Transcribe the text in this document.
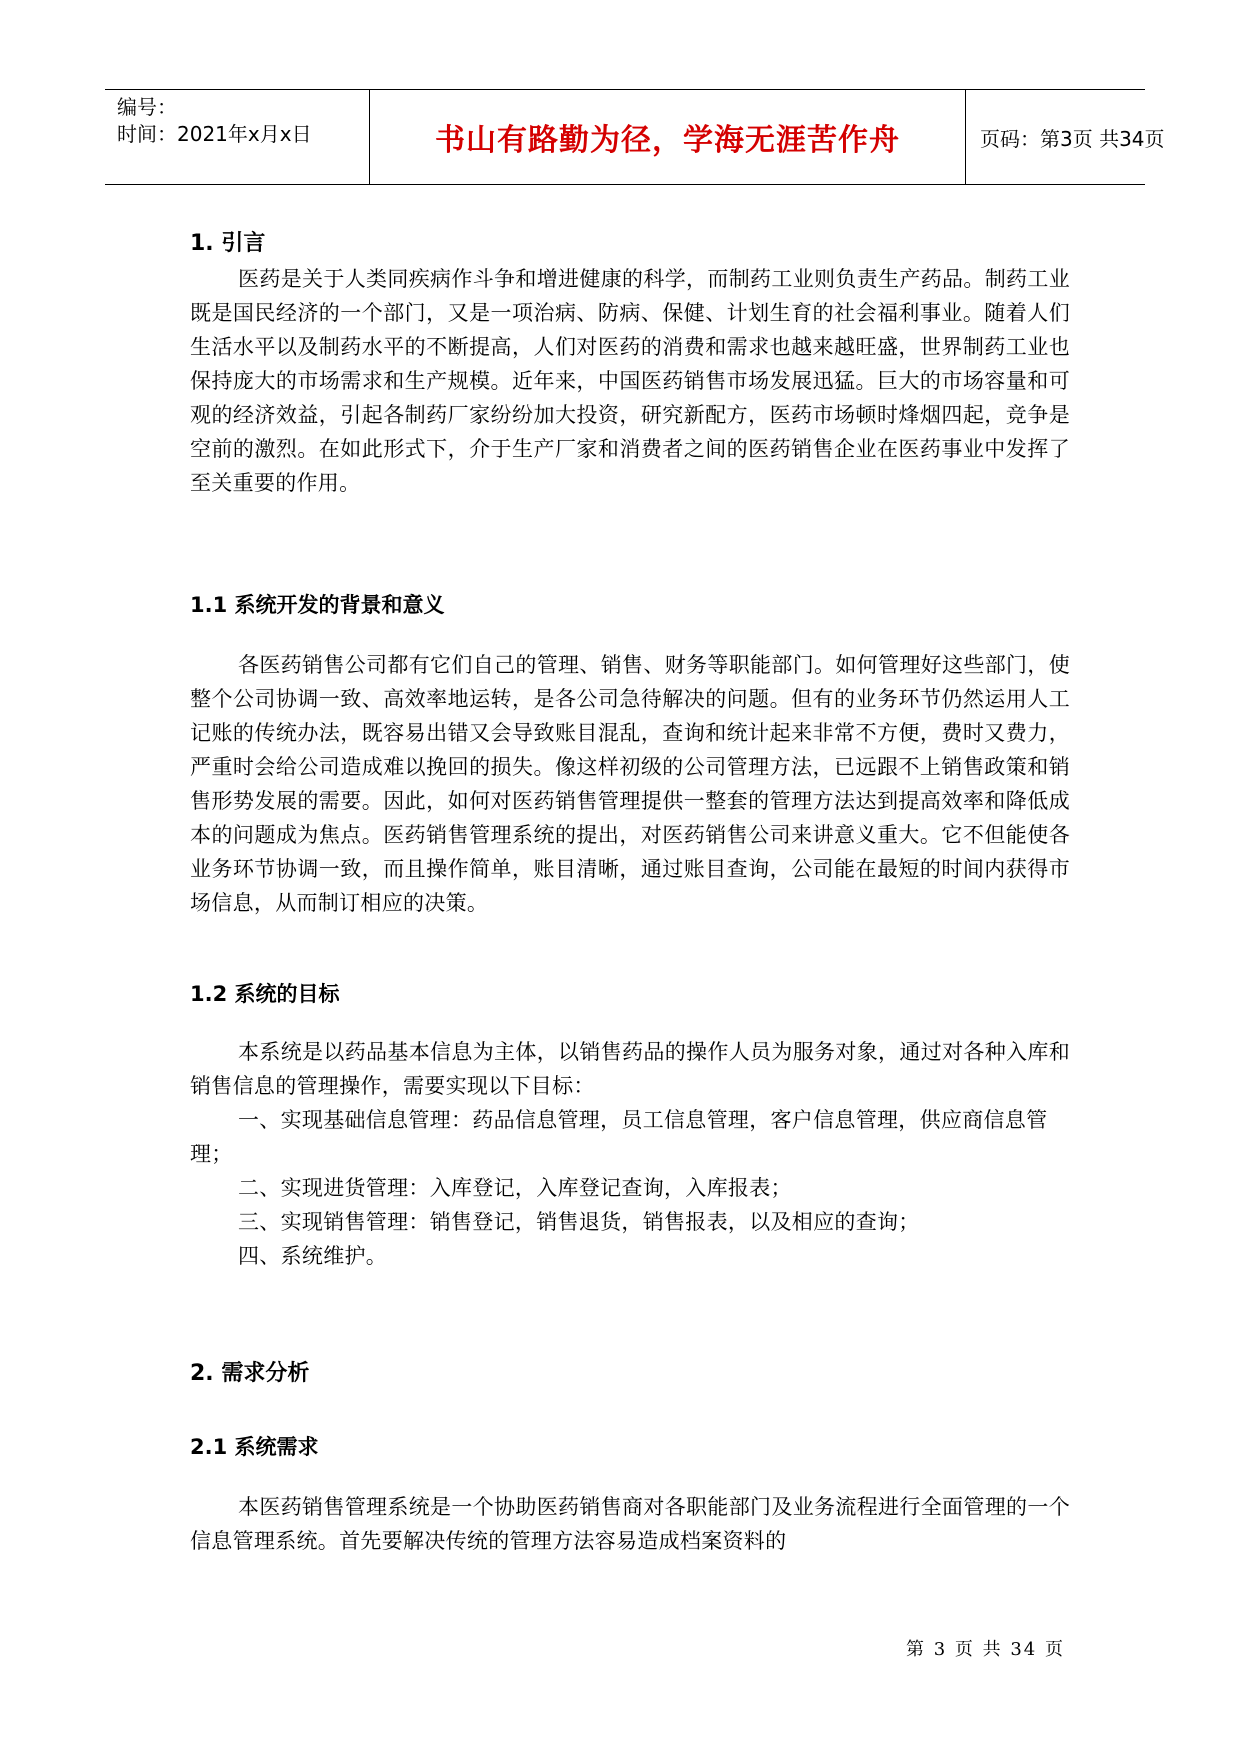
编号：
时间：2021年x月x日	书山有路勤为径，学海无涯苦作舟	页码：第3页 共34页
1. 引言
医药是关于人类同疾病作斗争和增进健康的科学，而制药工业则负责生产药品。制药工业既是国民经济的一个部门，又是一项治病、防病、保健、计划生育的社会福利事业。随着人们生活水平以及制药水平的不断提高，人们对医药的消费和需求也越来越旺盛，世界制药工业也保持庞大的市场需求和生产规模。近年来，中国医药销售市场发展迅猛。巨大的市场容量和可观的经济效益，引起各制药厂家纷纷加大投资，研究新配方，医药市场顿时烽烟四起，竞争是空前的激烈。在如此形式下，介于生产厂家和消费者之间的医药销售企业在医药事业中发挥了至关重要的作用。
1.1 系统开发的背景和意义
各医药销售公司都有它们自己的管理、销售、财务等职能部门。如何管理好这些部门，使整个公司协调一致、高效率地运转，是各公司急待解决的问题。但有的业务环节仍然运用人工记账的传统办法，既容易出错又会导致账目混乱，查询和统计起来非常不方便，费时又费力，严重时会给公司造成难以挽回的损失。像这样初级的公司管理方法，已远跟不上销售政策和销售形势发展的需要。因此，如何对医药销售管理提供一整套的管理方法达到提高效率和降低成本的问题成为焦点。医药销售管理系统的提出，对医药销售公司来讲意义重大。它不但能使各业务环节协调一致，而且操作简单，账目清晰，通过账目查询，公司能在最短的时间内获得市场信息，从而制订相应的决策。
1.2 系统的目标
本系统是以药品基本信息为主体，以销售药品的操作人员为服务对象，通过对各种入库和销售信息的管理操作，需要实现以下目标：
一、实现基础信息管理：药品信息管理，员工信息管理，客户信息管理，供应商信息管理；
二、实现进货管理：入库登记，入库登记查询，入库报表；
三、实现销售管理：销售登记，销售退货，销售报表，以及相应的查询；
四、系统维护。
2. 需求分析
2.1 系统需求
本医药销售管理系统是一个协助医药销售商对各职能部门及业务流程进行全面管理的一个信息管理系统。首先要解决传统的管理方法容易造成档案资料的
第 3 页 共 34 页
